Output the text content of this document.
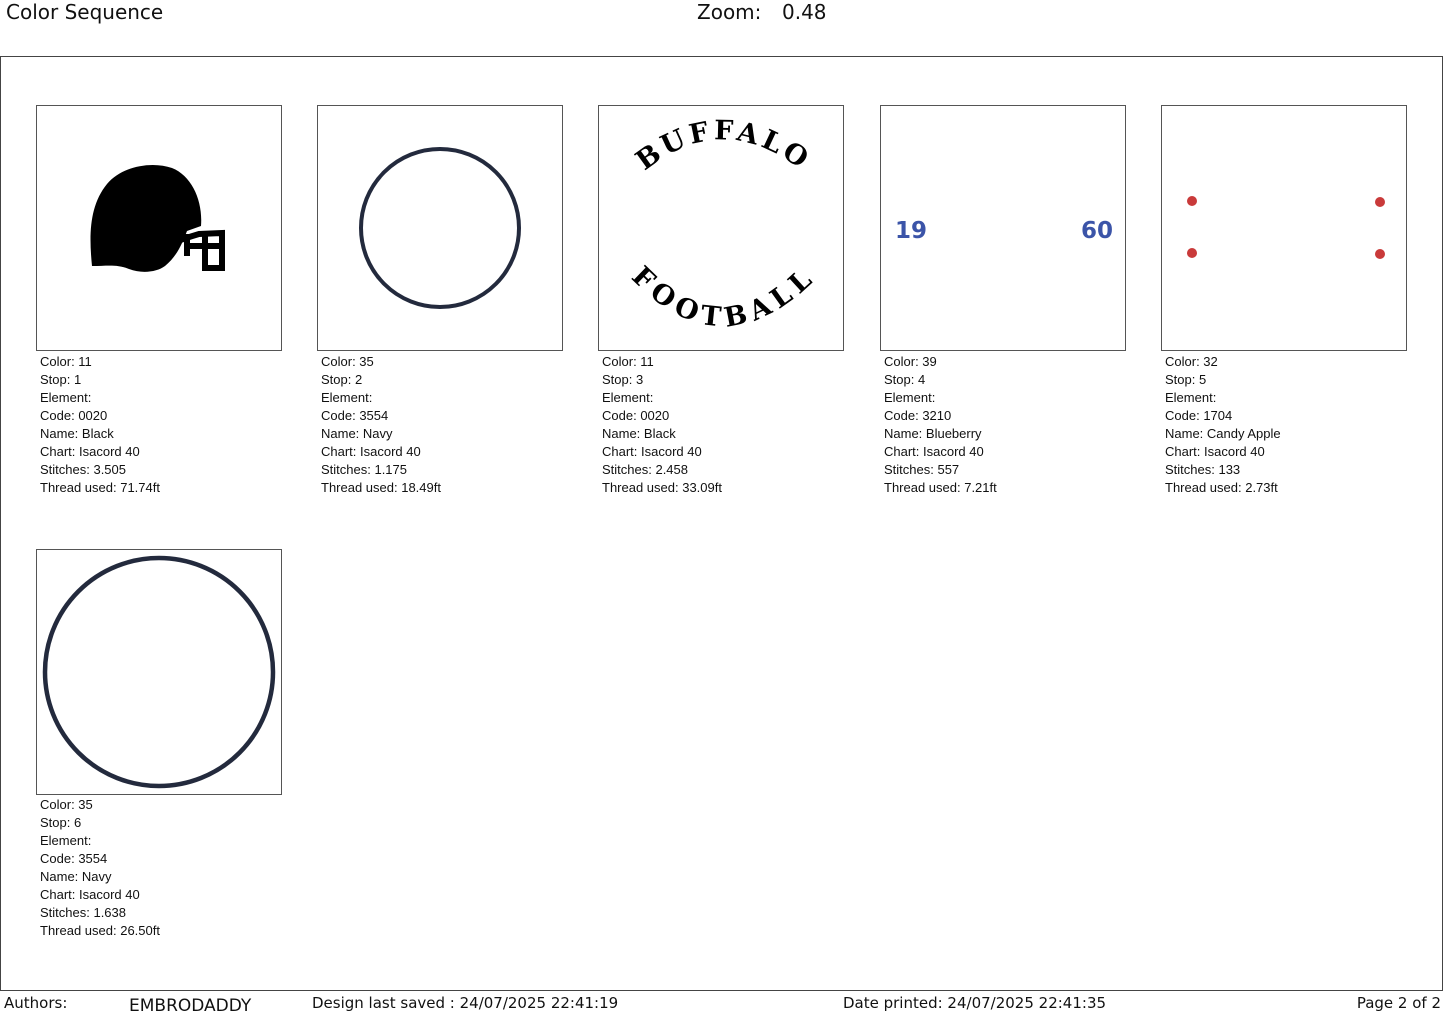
Color Sequence	Zoom: 0.48
Color: 11
Stop: 1
Element:
Code: 0020
Name: Black
Chart: Isacord 40
Stitches: 3.505
Thread used: 71.74ft
Color: 35
Stop: 2
Element:
Code: 3554
Name: Navy
Chart: Isacord 40
Stitches: 1.175
Thread used: 18.49ft
BUFFALO
FOOTBALL
Color: 11
Stop: 3
Element:
Code: 0020
Name: Black
Chart: Isacord 40
Stitches: 2.458
Thread used: 33.09ft
19	60
Color: 39
Stop: 4
Element:
Code: 3210
Name: Blueberry
Chart: Isacord 40
Stitches: 557
Thread used: 7.21ft
Color: 32
Stop: 5
Element:
Code: 1704
Name: Candy Apple
Chart: Isacord 40
Stitches: 133
Thread used: 2.73ft
Color: 35
Stop: 6
Element:
Code: 3554
Name: Navy
Chart: Isacord 40
Stitches: 1.638
Thread used: 26.50ft
Authors:	EMBRODADDY	Design last saved : 24/07/2025 22:41:19	Date printed: 24/07/2025 22:41:35	Page 2 of 2
